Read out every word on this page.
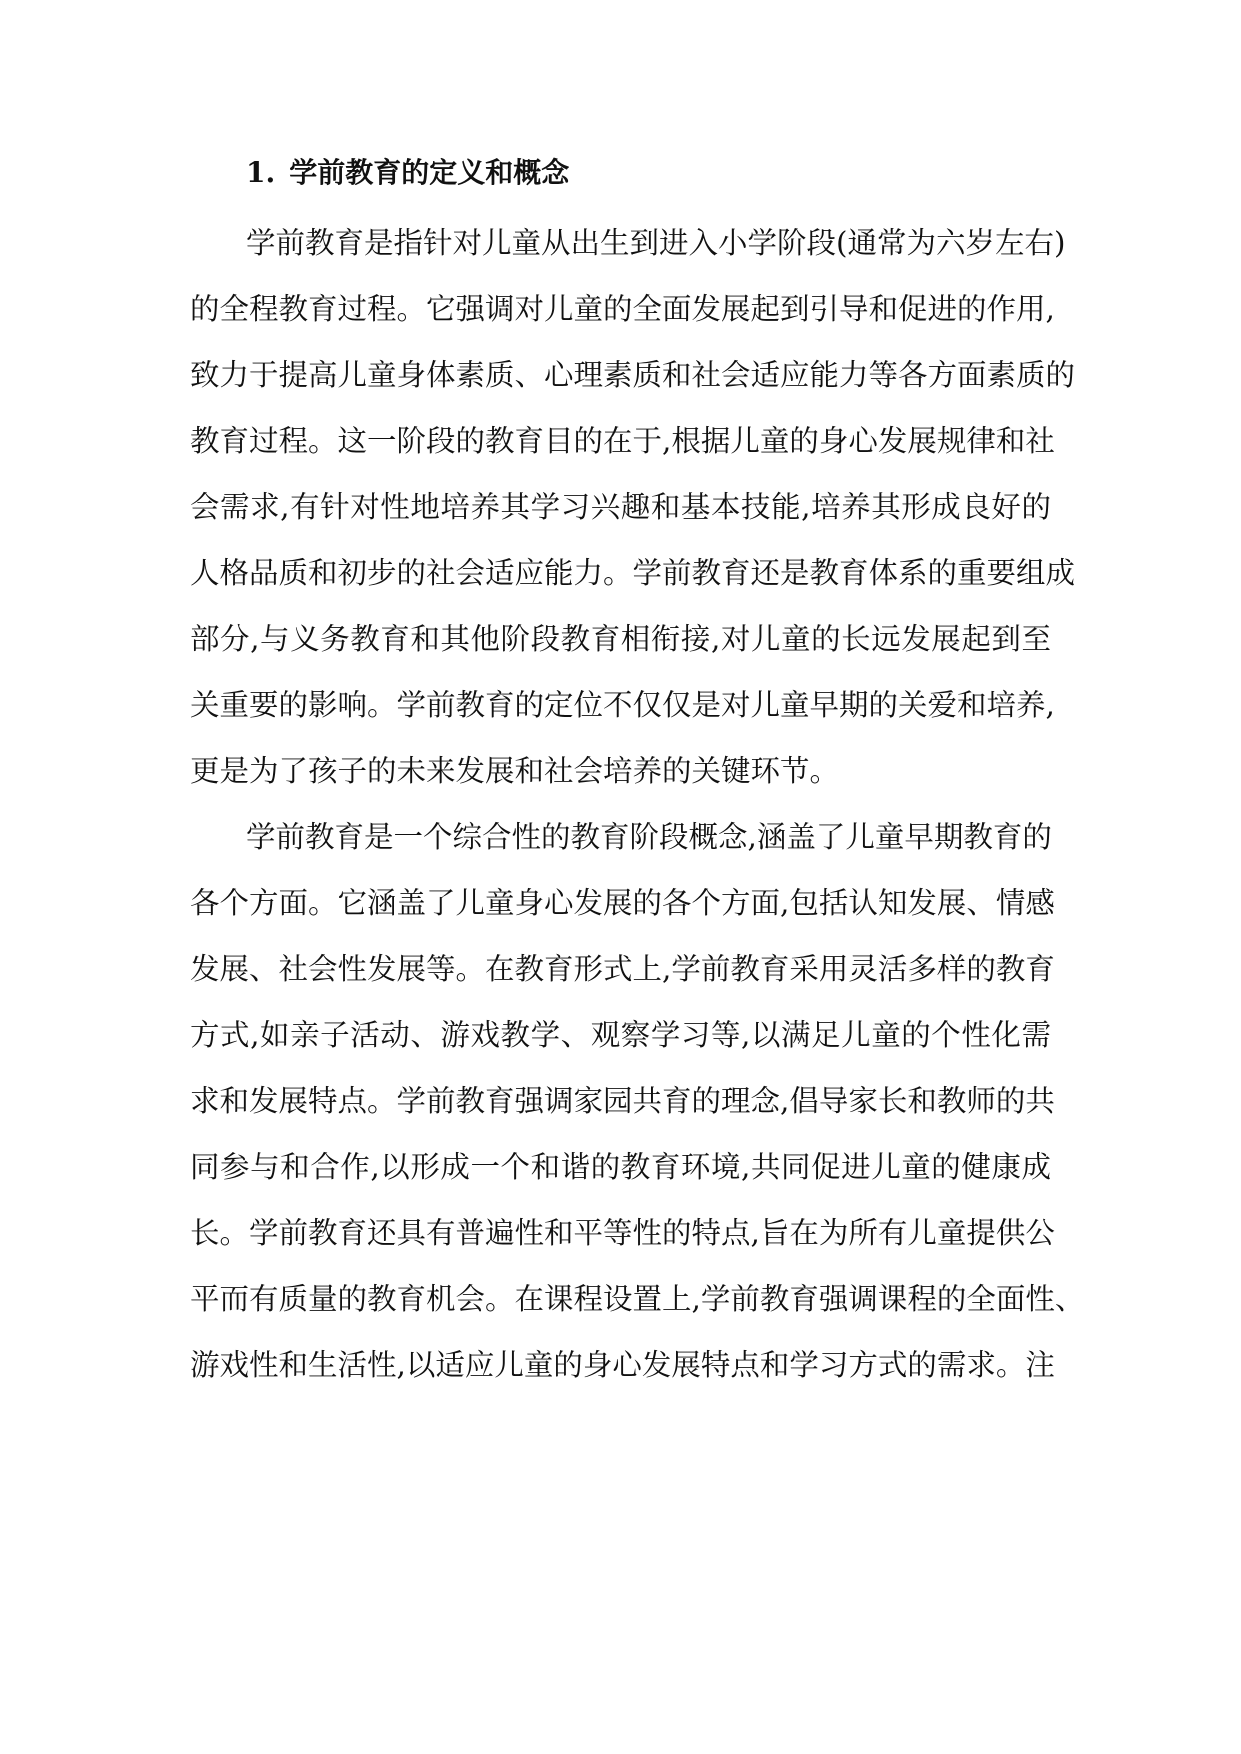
1. 学前教育的定义和概念
学前教育是指针对儿童从出生到进入小学阶段(通常为六岁左右)
的全程教育过程。它强调对儿童的全面发展起到引导和促进的作用,
致力于提高儿童身体素质、心理素质和社会适应能力等各方面素质的
教育过程。这一阶段的教育目的在于,根据儿童的身心发展规律和社
会需求,有针对性地培养其学习兴趣和基本技能,培养其形成良好的
人格品质和初步的社会适应能力。学前教育还是教育体系的重要组成
部分,与义务教育和其他阶段教育相衔接,对儿童的长远发展起到至
关重要的影响。学前教育的定位不仅仅是对儿童早期的关爱和培养,
更是为了孩子的未来发展和社会培养的关键环节。
学前教育是一个综合性的教育阶段概念,涵盖了儿童早期教育的
各个方面。它涵盖了儿童身心发展的各个方面,包括认知发展、情感
发展、社会性发展等。在教育形式上,学前教育采用灵活多样的教育
方式,如亲子活动、游戏教学、观察学习等,以满足儿童的个性化需
求和发展特点。学前教育强调家园共育的理念,倡导家长和教师的共
同参与和合作,以形成一个和谐的教育环境,共同促进儿童的健康成
长。学前教育还具有普遍性和平等性的特点,旨在为所有儿童提供公
平而有质量的教育机会。在课程设置上,学前教育强调课程的全面性、
游戏性和生活性,以适应儿童的身心发展特点和学习方式的需求。注
